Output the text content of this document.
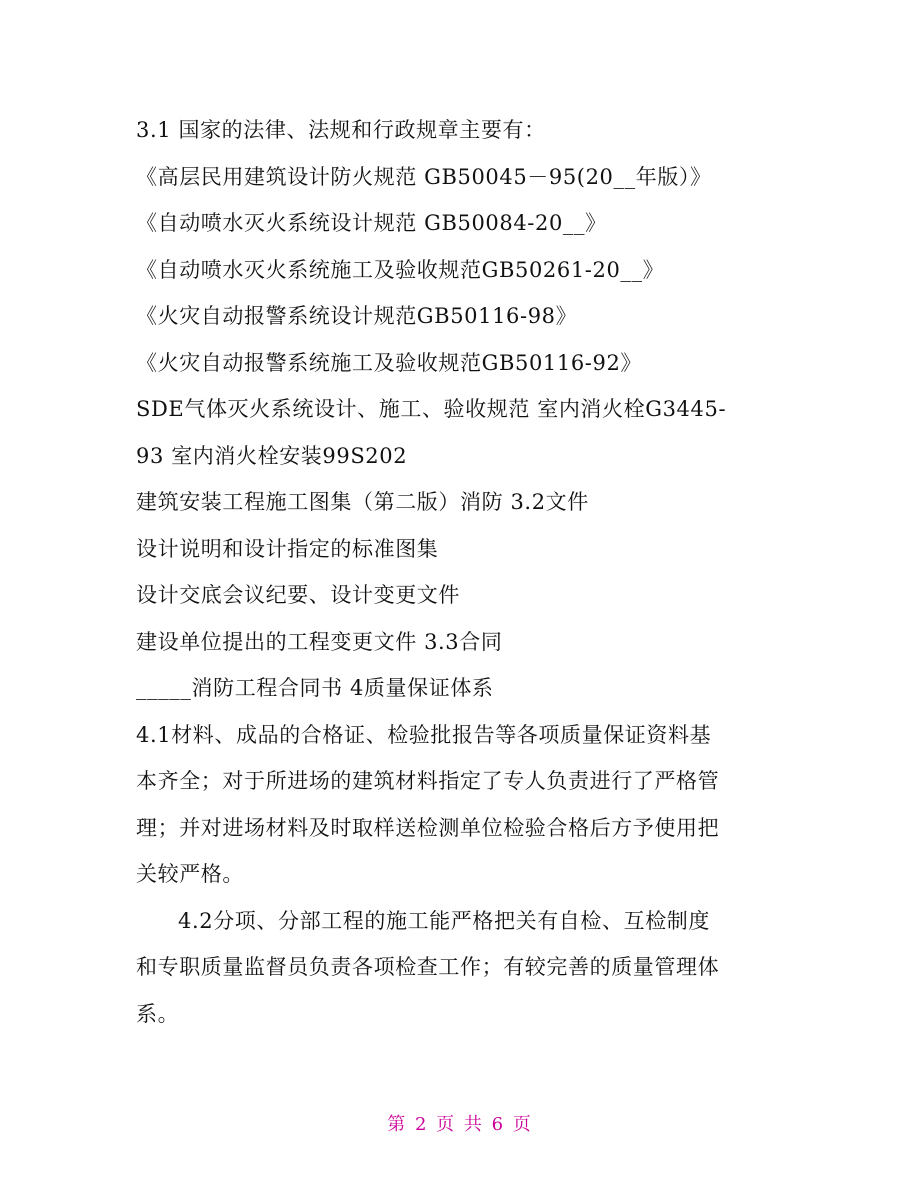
3.1 国家的法律、法规和行政规章主要有：
《高层民用建筑设计防火规范 GB50045－95(20__年版）》
《自动喷水灭火系统设计规范 GB50084-20__》
《自动喷水灭火系统施工及验收规范GB50261-20__》
《火灾自动报警系统设计规范GB50116-98》
《火灾自动报警系统施工及验收规范GB50116-92》
SDE气体灭火系统设计、施工、验收规范 室内消火栓G3445-
93 室内消火栓安装99S202
建筑安装工程施工图集（第二版）消防 3.2文件
设计说明和设计指定的标准图集
设计交底会议纪要、设计变更文件
建设单位提出的工程变更文件 3.3合同
_____消防工程合同书 4质量保证体系
4.1材料、成品的合格证、检验批报告等各项质量保证资料基
本齐全；对于所进场的建筑材料指定了专人负责进行了严格管
理；并对进场材料及时取样送检测单位检验合格后方予使用把
关较严格。
4.2分项、分部工程的施工能严格把关有自检、互检制度
和专职质量监督员负责各项检查工作；有较完善的质量管理体
系。
第 2 页 共 6 页
